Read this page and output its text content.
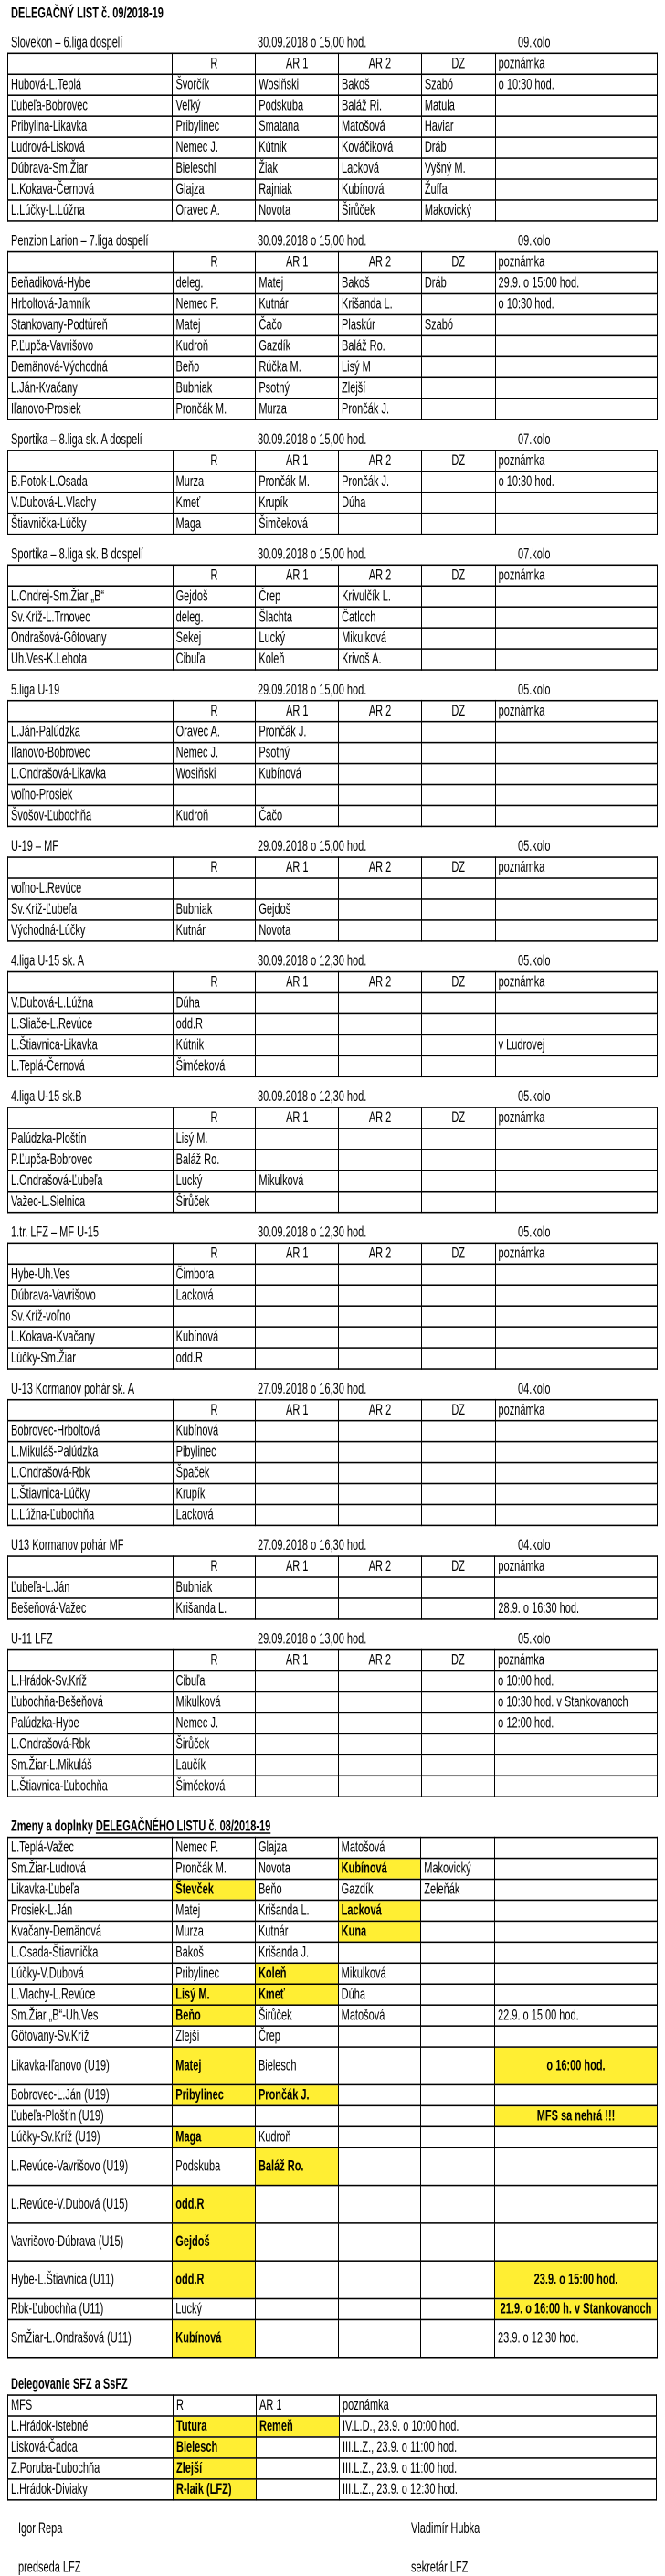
DELEGAČNÝ LIST č. 09/2018-19
Slovekon – 6.liga dospelí	30.09.2018 o 15,00 hod.	09.kolo
	R	AR 1	AR 2	DZ	poznámka
Hubová-L.Teplá	Švorčík	Wosiňski	Bakoš	Szabó	o 10:30 hod.
Ľubeľa-Bobrovec	Veľký	Podskuba	Baláž Ri.	Matula	
Pribylina-Likavka	Pribylinec	Smatana	Matošová	Haviar	
Ludrová-Lisková	Nemec J.	Kútnik	Kováčiková	Dráb	
Dúbrava-Sm.Žiar	Bieleschl	Žiak	Lacková	Vyšný M.	
L.Kokava-Černová	Glajza	Rajniak	Kubínová	Žuffa	
L.Lúčky-L.Lúžna	Oravec A.	Novota	Širůček	Makovický	
Penzion Larion – 7.liga dospelí	30.09.2018 o 15,00 hod.	09.kolo
	R	AR 1	AR 2	DZ	poznámka
Beňadiková-Hybe	deleg.	Matej	Bakoš	Dráb	29.9. o 15:00 hod.
Hrboltová-Jamník	Nemec P.	Kutnár	Krišanda L.		o 10:30 hod.
Stankovany-Podtúreň	Matej	Čačo	Plaskúr	Szabó	
P.Ľupča-Vavrišovo	Kudroň	Gazdík	Baláž Ro.		
Demänová-Východná	Beňo	Rúčka M.	Lisý M		
L.Ján-Kvačany	Bubniak	Psotný	Zlejší		
Iľanovo-Prosiek	Prončák M.	Murza	Prončák J.		
Sportika – 8.liga sk. A dospelí	30.09.2018 o 15,00 hod.	07.kolo
	R	AR 1	AR 2	DZ	poznámka
B.Potok-L.Osada	Murza	Prončák M.	Prončák J.		o 10:30 hod.
V.Dubová-L.Vlachy	Kmeť	Krupík	Dúha		
Štiavnička-Lúčky	Maga	Šimčeková			
Sportika – 8.liga sk. B dospelí	30.09.2018 o 15,00 hod.	07.kolo
	R	AR 1	AR 2	DZ	poznámka
L.Ondrej-Sm.Žiar „B“	Gejdoš	Črep	Krivulčík L.		
Sv.Kríž-L.Trnovec	deleg.	Šlachta	Čatloch		
Ondrašová-Gôtovany	Sekej	Lucký	Mikulková		
Uh.Ves-K.Lehota	Cibuľa	Koleň	Krivoš A.		
5.liga U-19	29.09.2018 o 15,00 hod.	05.kolo
	R	AR 1	AR 2	DZ	poznámka
L.Ján-Palúdzka	Oravec A.	Prončák J.			
Iľanovo-Bobrovec	Nemec J.	Psotný			
L.Ondrašová-Likavka	Wosiňski	Kubínová			
voľno-Prosiek					
Švošov-Ľubochňa	Kudroň	Čačo			
U-19 – MF	29.09.2018 o 15,00 hod.	05.kolo
	R	AR 1	AR 2	DZ	poznámka
voľno-L.Revúce					
Sv.Kríž-Ľubeľa	Bubniak	Gejdoš			
Východná-Lúčky	Kutnár	Novota			
4.liga U-15 sk. A	30.09.2018 o 12,30 hod.	05.kolo
	R	AR 1	AR 2	DZ	poznámka
V.Dubová-L.Lúžna	Dúha				
L.Sliače-L.Revúce	odd.R				
L.Štiavnica-Likavka	Kútnik				v Ludrovej
L.Teplá-Černová	Šimčeková				
4.liga U-15 sk.B	30.09.2018 o 12,30 hod.	05.kolo
	R	AR 1	AR 2	DZ	poznámka
Palúdzka-Ploštín	Lisý M.				
P.Ľupča-Bobrovec	Baláž Ro.				
L.Ondrašová-Ľubeľa	Lucký	Mikulková			
Važec-L.Sielnica	Širůček				
1.tr. LFZ – MF U-15	30.09.2018 o 12,30 hod.	05.kolo
	R	AR 1	AR 2	DZ	poznámka
Hybe-Uh.Ves	Čimbora				
Dúbrava-Vavrišovo	Lacková				
Sv.Kríž-voľno					
L.Kokava-Kvačany	Kubínová				
Lúčky-Sm.Žiar	odd.R				
U-13 Kormanov pohár sk. A	27.09.2018 o 16,30 hod.	04.kolo
	R	AR 1	AR 2	DZ	poznámka
Bobrovec-Hrboltová	Kubínová				
L.Mikuláš-Palúdzka	Pibylinec				
L.Ondrašová-Rbk	Špaček				
L.Štiavnica-Lúčky	Krupík				
L.Lúžna-Ľubochňa	Lacková				
U13 Kormanov pohár MF	27.09.2018 o 16,30 hod.	04.kolo
	R	AR 1	AR 2	DZ	poznámka
Ľubeľa-L.Ján	Bubniak				
Bešeňová-Važec	Krišanda L.				28.9. o 16:30 hod.
U-11 LFZ	29.09.2018 o 13,00 hod.	05.kolo
	R	AR 1	AR 2	DZ	poznámka
L.Hrádok-Sv.Kríž	Cibuľa				o 10:00 hod.
Ľubochňa-Bešeňová	Mikulková				o 10:30 hod. v Stankovanoch
Palúdzka-Hybe	Nemec J.				o 12:00 hod.
L.Ondrašová-Rbk	Širůček				
Sm.Žiar-L.Mikuláš	Laučík				
L.Štiavnica-Ľubochňa	Šimčeková				
Zmeny a doplnky DELEGAČNÉHO LISTU č. 08/2018-19
L.Teplá-Važec	Nemec P.	Glajza	Matošová		
Sm.Žiar-Ludrová	Prončák M.	Novota	Kubínová	Makovický	
Likavka-Ľubeľa	Števček	Beňo	Gazdík	Zeleňák	
Prosiek-L.Ján	Matej	Krišanda L.	Lacková		
Kvačany-Demänová	Murza	Kutnár	Kuna		
L.Osada-Štiavnička	Bakoš	Krišanda J.			
Lúčky-V.Dubová	Pribylinec	Koleň	Mikulková		
L.Vlachy-L.Revúce	Lisý M.	Kmeť	Dúha		
Sm.Žiar „B“-Uh.Ves	Beňo	Širůček	Matošová		22.9. o 15:00 hod.
Gôtovany-Sv.Kríž	Zlejší	Črep			
Likavka-Iľanovo (U19)	Matej	Bielesch			o 16:00 hod.
Bobrovec-L.Ján (U19)	Pribylinec	Prončák J.			
Ľubeľa-Ploštín (U19)					MFS sa nehrá !!!
Lúčky-Sv.Kríž (U19)	Maga	Kudroň			
L.Revúce-Vavrišovo (U19)	Podskuba	Baláž Ro.			
L.Revúce-V.Dubová (U15)	odd.R				
Vavrišovo-Dúbrava (U15)	Gejdoš				
Hybe-L.Štiavnica (U11)	odd.R				23.9. o 15:00 hod.
Rbk-Ľubochňa (U11)	Lucký				21.9. o 16:00 h. v Stankovanoch
SmŽiar-L.Ondrašová (U11)	Kubínová				23.9. o 12:30 hod.
Delegovanie SFZ a SsFZ
MFS	R	AR 1	poznámka
L.Hrádok-Istebné	Tutura	Remeň	IV.L.D., 23.9. o 10:00 hod.
Lisková-Čadca	Bielesch		III.L.Z., 23.9. o 11:00 hod.
Z.Poruba-Ľubochňa	Zlejší		III.L.Z., 23.9. o 11:00 hod.
L.Hrádok-Diviaky	R-laik (LFZ)		III.L.Z., 23.9. o 12:30 hod.
Igor Repa
predseda LFZ
Vladimír Hubka
sekretár LFZ
